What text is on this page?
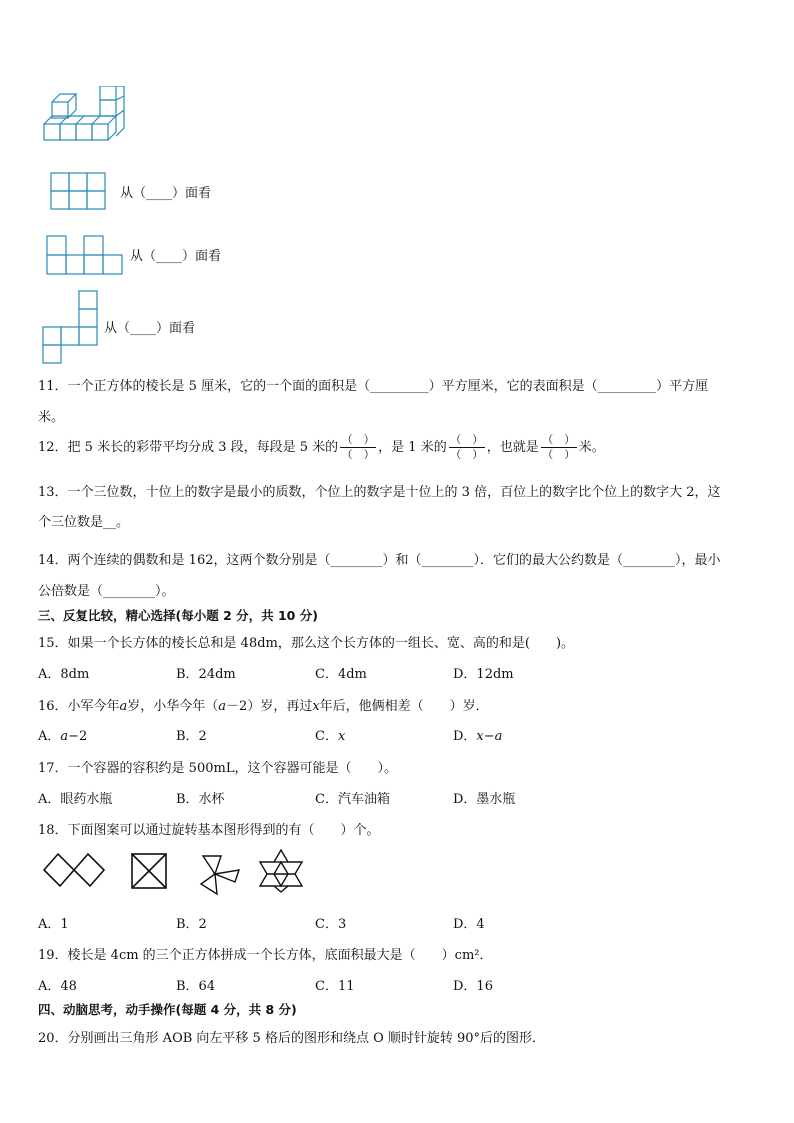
从（____）面看
从（____）面看
从（____）面看
11．一个正方体的棱长是 5 厘米，它的一个面的面积是（_________）平方厘米，它的表面积是（_________）平方厘
米。
12．把 5 米长的彩带平均分成 3 段，每段是 5 米的 $\frac{( )}{( )}$ ，是 1 米的 $\frac{( )}{( )}$ ，也就是 $\frac{( )}{( )}$ 米。
13．一个三位数，十位上的数字是最小的质数，个位上的数字是十位上的 3 倍，百位上的数字比个位上的数字大 2，这
个三位数是__。
14．两个连续的偶数和是 162，这两个数分别是（________）和（________）．它们的最大公约数是（________），最小
公倍数是（________）。
三、反复比较，精心选择(每小题 2 分，共 10 分)
15．如果一个长方体的棱长总和是 48dm，那么这个长方体的一组长、宽、高的和是(　　)。
A．8dm	B．24dm	C．4dm	D．12dm
16．小军今年𝑎岁，小华今年（𝑎－2）岁，再过𝑥年后，他俩相差（　　）岁．
A．𝑎−2	B．2	C．𝑥	D．𝑥−𝑎
17．一个容器的容积约是 500mL，这个容器可能是（　　）。
A．眼药水瓶	B．水杯	C．汽车油箱	D．墨水瓶
18．下面图案可以通过旋转基本图形得到的有（　　）个。
A．1	B．2	C．3	D．4
19．棱长是 4cm 的三个正方体拼成一个长方体，底面积最大是（　　）cm²．
A．48	B．64	C．11	D．16
四、动脑思考，动手操作(每题 4 分，共 8 分)
20．分别画出三角形 AOB 向左平移 5 格后的图形和绕点 O 顺时针旋转 90°后的图形．
